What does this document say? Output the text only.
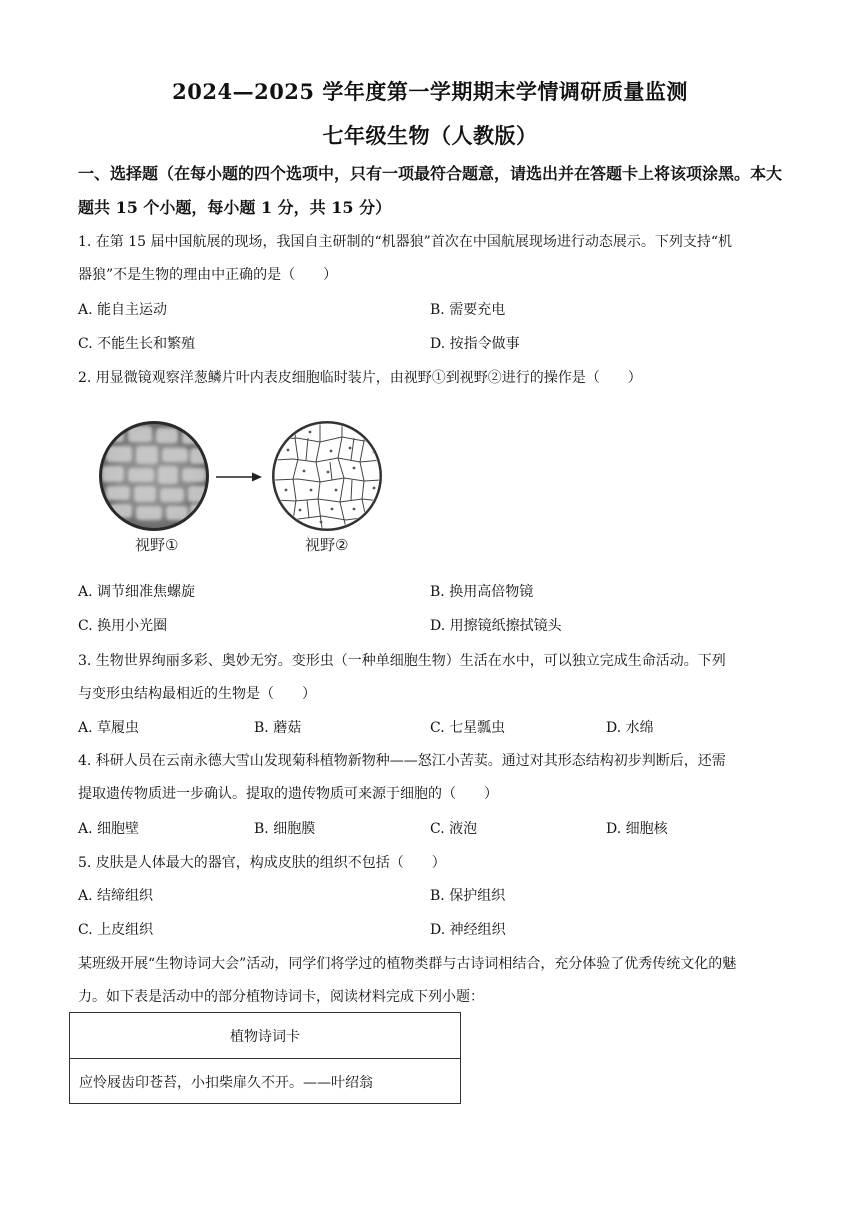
2024—2025 学年度第一学期期末学情调研质量监测
七年级生物（人教版）
一、选择题（在每小题的四个选项中，只有一项最符合题意，请选出并在答题卡上将该项涂黑。本大题共 15 个小题，每小题 1 分，共 15 分）
1. 在第 15 届中国航展的现场，我国自主研制的“机器狼”首次在中国航展现场进行动态展示。下列支持“机
器狼”不是生物的理由中正确的是（　　）
A. 能自主运动	B. 需要充电
C. 不能生长和繁殖	D. 按指令做事
2. 用显微镜观察洋葱鳞片叶内表皮细胞临时装片，由视野①到视野②进行的操作是（　　）
视野①	视野②
A. 调节细准焦螺旋	B. 换用高倍物镜
C. 换用小光圈	D. 用擦镜纸擦拭镜头
3. 生物世界绚丽多彩、奥妙无穷。变形虫（一种单细胞生物）生活在水中，可以独立完成生命活动。下列
与变形虫结构最相近的生物是（　　）
A. 草履虫	B. 蘑菇	C. 七星瓢虫	D. 水绵
4. 科研人员在云南永德大雪山发现菊科植物新物种——怒江小苦荬。通过对其形态结构初步判断后，还需
提取遗传物质进一步确认。提取的遗传物质可来源于细胞的（　　）
A. 细胞壁	B. 细胞膜	C. 液泡	D. 细胞核
5. 皮肤是人体最大的器官，构成皮肤的组织不包括（　　）
A. 结缔组织	B. 保护组织
C. 上皮组织	D. 神经组织
某班级开展“生物诗词大会”活动，同学们将学过的植物类群与古诗词相结合，充分体验了优秀传统文化的魅
力。如下表是活动中的部分植物诗词卡，阅读材料完成下列小题：
植物诗词卡
应怜屐齿印苍苔，小扣柴扉久不开。——叶绍翁
